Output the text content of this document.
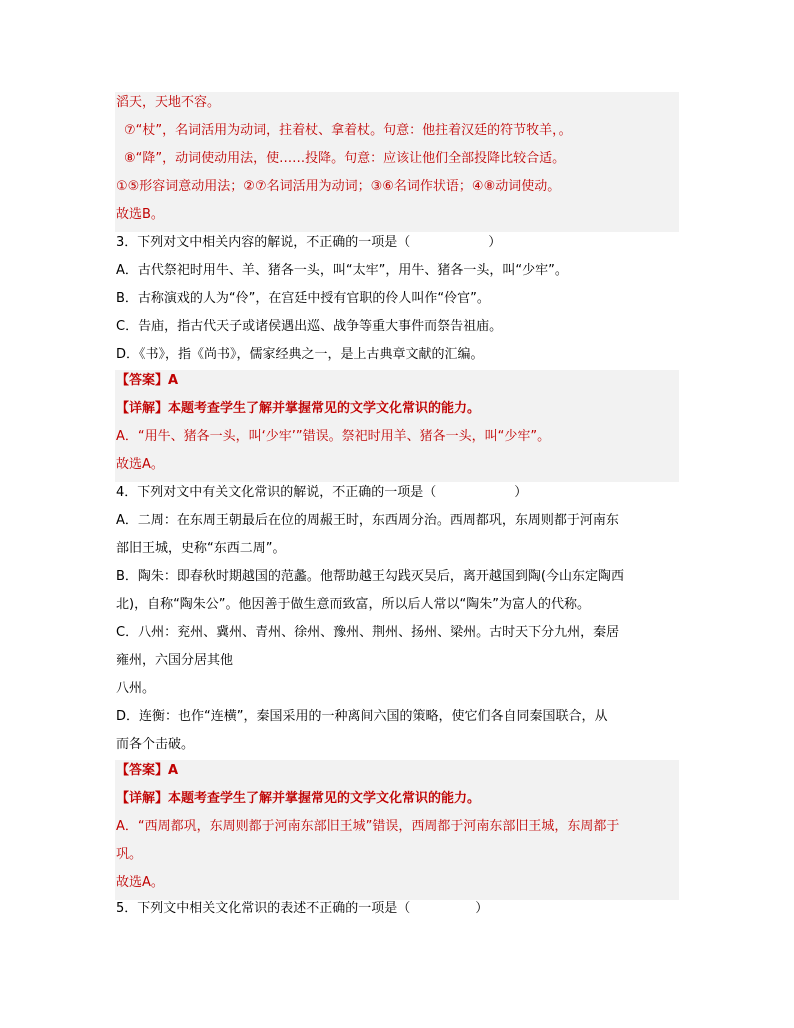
滔天，天地不容。
⑦“杖”，名词活用为动词，拄着杖、拿着杖。句意：他拄着汉廷的符节牧羊，。
⑧“降”，动词使动用法，使……投降。句意：应该让他们全部投降比较合适。
①⑤形容词意动用法；②⑦名词活用为动词；③⑥名词作状语；④⑧动词使动。
故选B。
3．下列对文中相关内容的解说，不正确的一项是（　　　　　　）
A．古代祭祀时用牛、羊、猪各一头，叫“太牢”，用牛、猪各一头，叫“少牢”。
B．古称演戏的人为“伶”，在宫廷中授有官职的伶人叫作“伶官”。
C．告庙，指古代天子或诸侯遇出巡、战争等重大事件而祭告祖庙。
D．《书》，指《尚书》，儒家经典之一，是上古典章文献的汇编。
【答案】A
【详解】本题考查学生了解并掌握常见的文学文化常识的能力。
A．“用牛、猪各一头，叫‘少牢’”错误。祭祀时用羊、猪各一头，叫“少牢”。
故选A。
4．下列对文中有关文化常识的解说，不正确的一项是（　　　　　　）
A．二周：在东周王朝最后在位的周赧王时，东西周分治。西周都巩，东周则都于河南东
部旧王城，史称“东西二周”。
B．陶朱：即春秋时期越国的范蠡。他帮助越王勾践灭吴后，离开越国到陶(今山东定陶西
北)，自称“陶朱公”。他因善于做生意而致富，所以后人常以“陶朱”为富人的代称。
C．八州：兖州、冀州、青州、徐州、豫州、荆州、扬州、梁州。古时天下分九州，秦居
雍州，六国分居其他
八州。
D．连衡：也作“连横”，秦国采用的一种离间六国的策略，使它们各自同秦国联合，从
而各个击破。
【答案】A
【详解】本题考查学生了解并掌握常见的文学文化常识的能力。
A．“西周都巩，东周则都于河南东部旧王城”错误，西周都于河南东部旧王城，东周都于
巩。
故选A。
5．下列文中相关文化常识的表述不正确的一项是（　　　　　）
